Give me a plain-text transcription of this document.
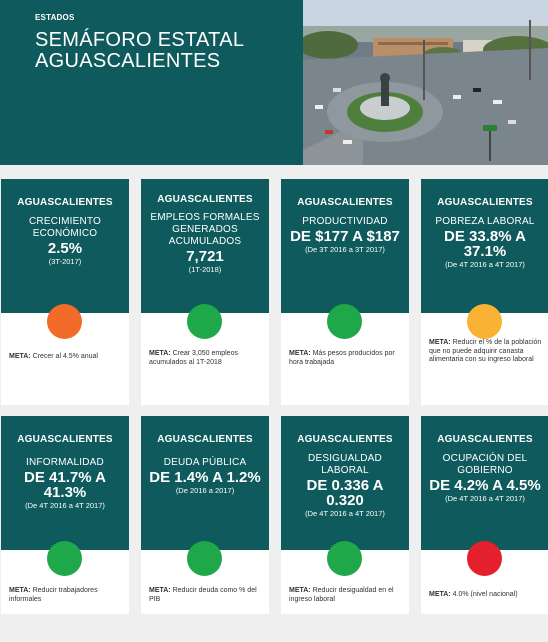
ESTADOS
SEMÁFORO ESTATAL AGUASCALIENTES
AGUASCALIENTES
CRECIMIENTO ECONÓMICO
2.5%
(3T-2017)
META: Crecer al 4.5% anual
AGUASCALIENTES
EMPLEOS FORMALES GENERADOS ACUMULADOS
7,721
(1T-2018)
META: Crear 3,050 empleos acumulados al 1T-2018
AGUASCALIENTES
PRODUCTIVIDAD
DE $177 A $187
(De 3T 2016 a 3T 2017)
META: Más pesos producidos por hora trabajada
AGUASCALIENTES
POBREZA LABORAL
DE 33.8% A 37.1%
(De 4T 2016 a 4T 2017)
META: Reducir el % de la población que no puede adquirir canasta alimentaria con su ingreso laboral
AGUASCALIENTES
INFORMALIDAD
DE 41.7% A 41.3%
(De 4T 2016 a 4T 2017)
META: Reducir trabajadores informales
AGUASCALIENTES
DEUDA PÚBLICA
DE 1.4% A 1.2%
(De 2016 a 2017)
META: Reducir deuda como % del PIB
AGUASCALIENTES
DESIGUALDAD LABORAL
DE 0.336 A 0.320
(De 4T 2016 a 4T 2017)
META: Reducir desigualdad en el ingreso laboral
AGUASCALIENTES
OCUPACIÓN DEL GOBIERNO
DE 4.2% A 4.5%
(De 4T 2016 a 4T 2017)
META: 4.0% (nivel nacional)
